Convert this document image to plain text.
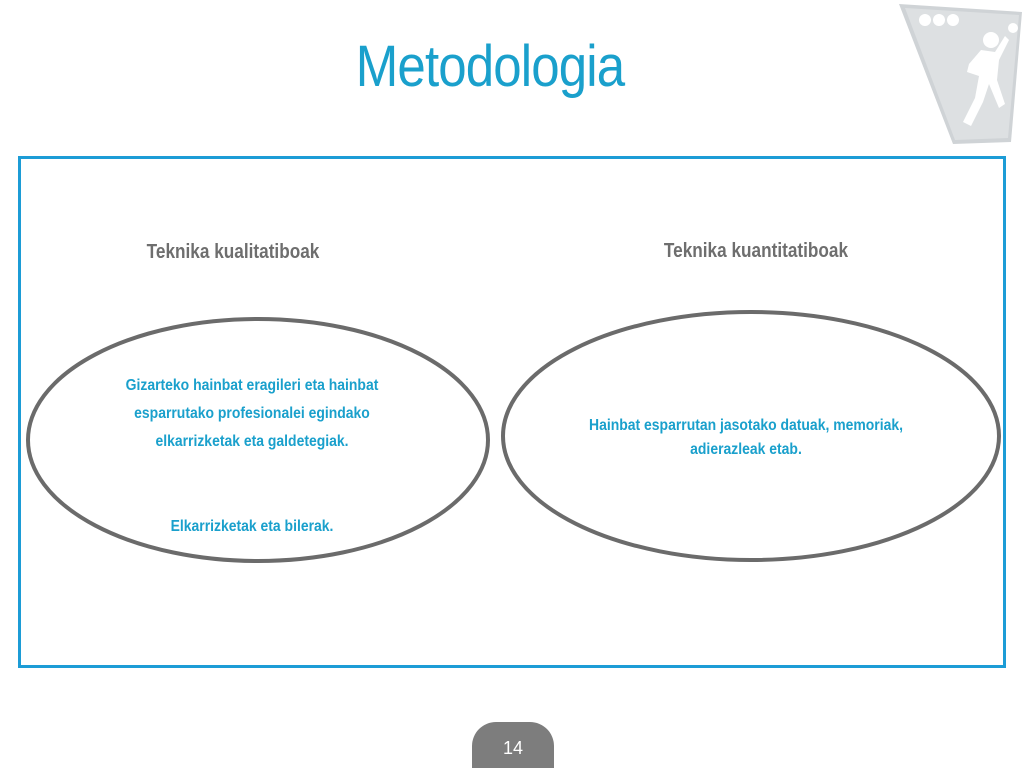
Metodologia
Teknika kualitatiboak	Teknika kuantitatiboak
Gizarteko hainbat eragileri eta hainbat esparrutako profesionalei egindako elkarrizketak eta galdetegiak.
Elkarrizketak eta bilerak.
Hainbat esparrutan jasotako datuak, memoriak, adierazleak etab.
14
